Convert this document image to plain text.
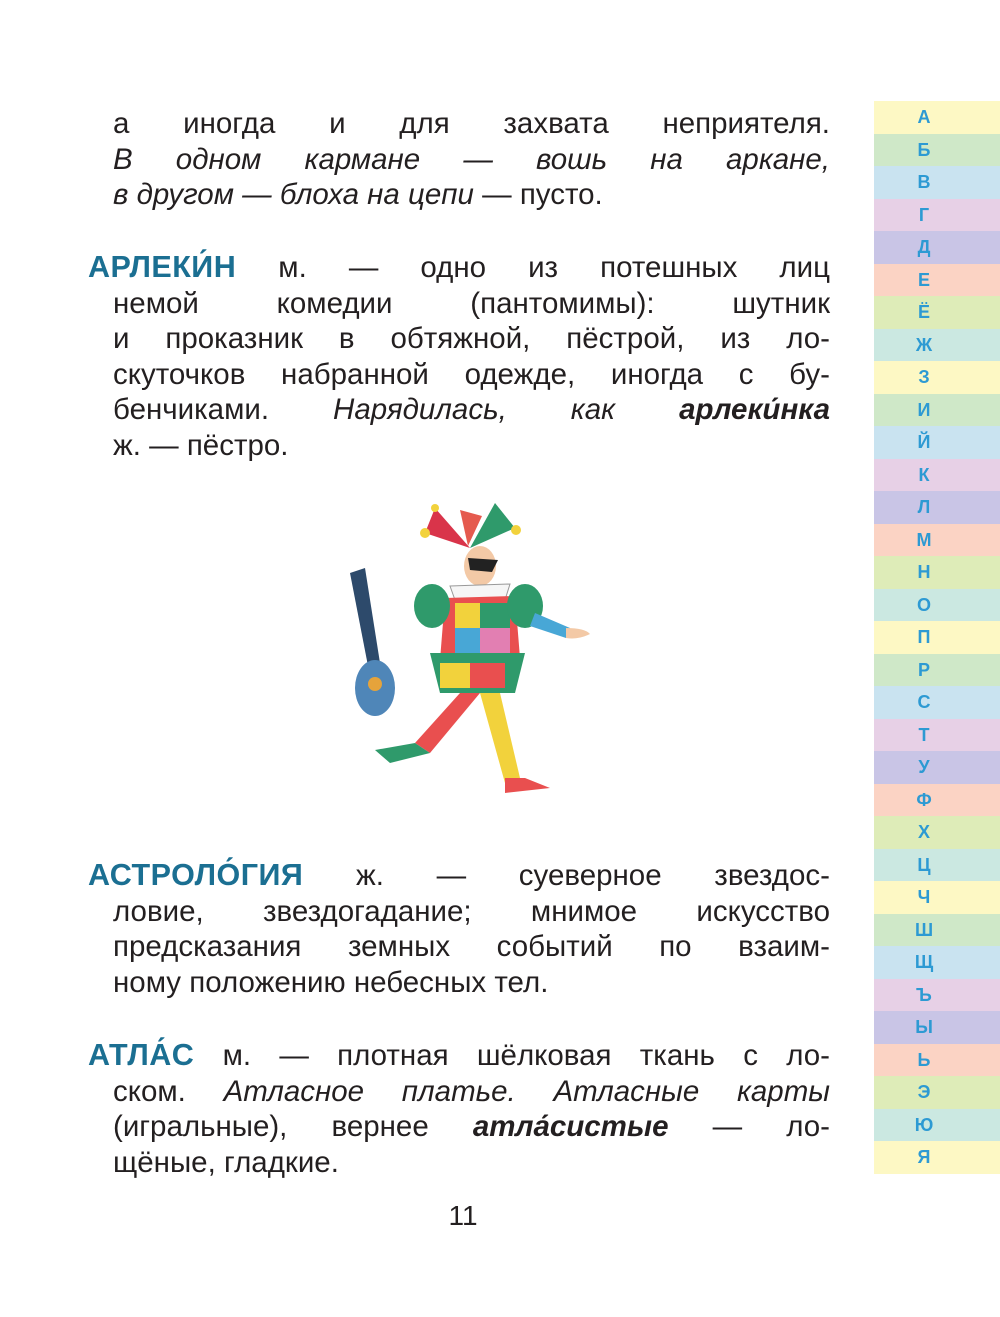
а иногда и для захвата неприятеля.
В одном кармане — вошь на аркане,
в другом — блоха на цепи — пусто.
АРЛЕКИ́Н м. — одно из потешных лиц
немой комедии (пантомимы): шутник
и проказник в обтяжной, пёстрой, из ло-
скуточков набранной одежде, иногда с бу-
бенчиками. Нарядилась, как арлеки́нка
ж. — пёстро.
АСТРОЛО́ГИЯ ж. — суеверное звездос-
ловие, звездогадание; мнимое искусство
предсказания земных событий по взаим-
ному положению небесных тел.
АТЛА́С м. — плотная шёлковая ткань с ло-
ском. Атласное платье. Атласные карты
(игральные), вернее атла́систые — ло-
щёные, гладкие.
11
А
Б
В
Г
Д
Е
Ё
Ж
З
И
Й
К
Л
М
Н
О
П
Р
С
Т
У
Ф
Х
Ц
Ч
Ш
Щ
Ъ
Ы
Ь
Э
Ю
Я
